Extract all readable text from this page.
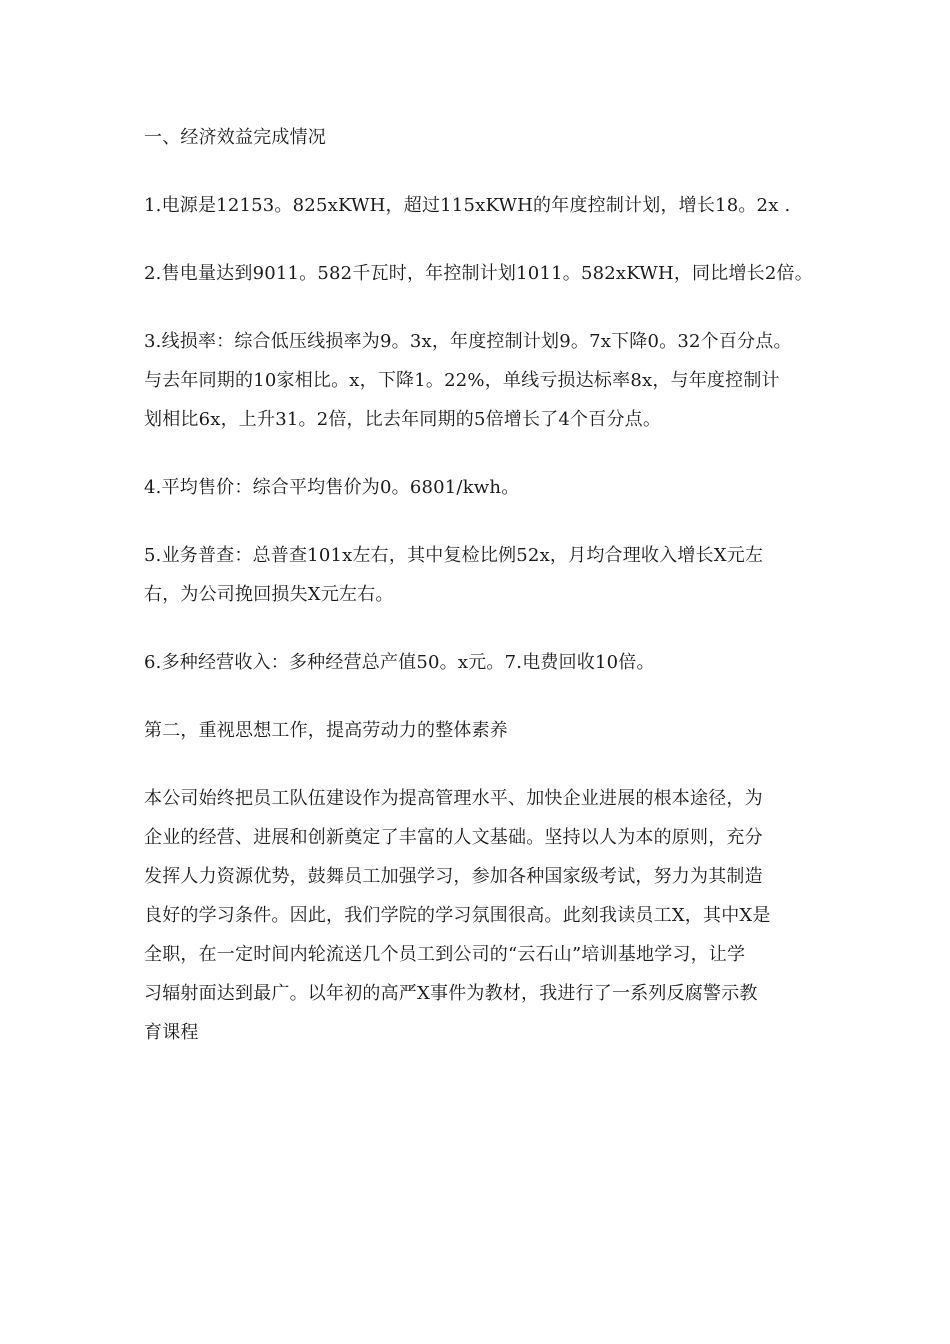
一、经济效益完成情况

1.电源是12153。825xKWH，超过115xKWH的年度控制计划，增长18。2x .

2.售电量达到9011。582千瓦时，年控制计划1011。582xKWH，同比增长2倍。

3.线损率：综合低压线损率为9。3x，年度控制计划9。7x下降0。32个百分点。
与去年同期的10家相比。x，下降1。22%，单线亏损达标率8x，与年度控制计
划相比6x，上升31。2倍，比去年同期的5倍增长了4个百分点。

4.平均售价：综合平均售价为0。6801/kwh。

5.业务普查：总普查101x左右，其中复检比例52x，月均合理收入增长X元左
右，为公司挽回损失X元左右。

6.多种经营收入：多种经营总产值50。x元。7.电费回收10倍。

第二，重视思想工作，提高劳动力的整体素养

本公司始终把员工队伍建设作为提高管理水平、加快企业进展的根本途径，为
企业的经营、进展和创新奠定了丰富的人文基础。坚持以人为本的原则，充分
发挥人力资源优势，鼓舞员工加强学习，参加各种国家级考试，努力为其制造
良好的学习条件。因此，我们学院的学习氛围很高。此刻我读员工X，其中X是
全职，在一定时间内轮流送几个员工到公司的“云石山”培训基地学习，让学
习辐射面达到最广。以年初的高严X事件为教材，我进行了一系列反腐警示教
育课程
